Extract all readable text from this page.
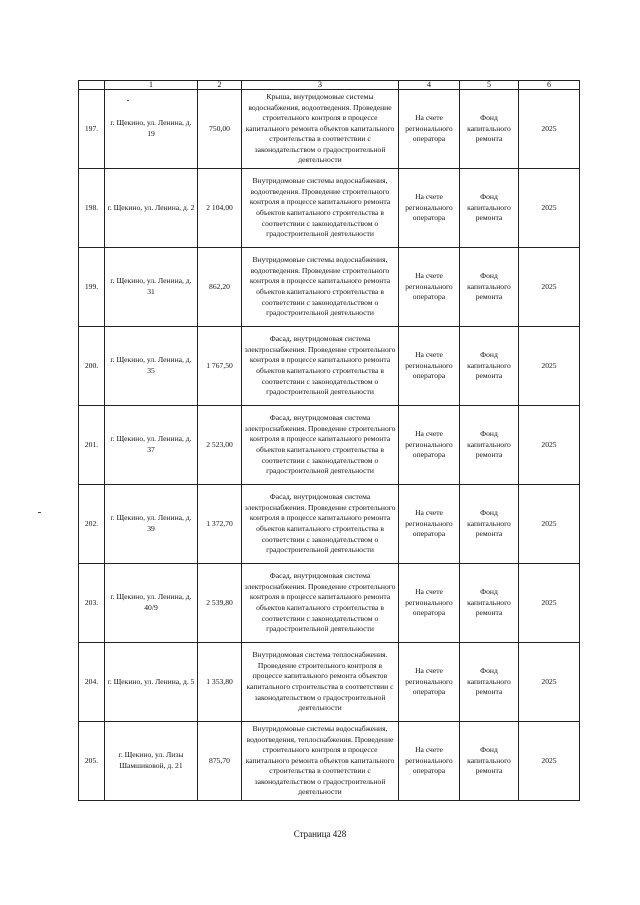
	1	2	3	4	5	6
197.	г. Щекино, ул. Ленина, д. 19	750,00	Крыша, внутридомовые системы водоснабжения, водоотведения. Проведение строительного контроля в процессе капитального ремонта объектов капитального строительства в соответствии с законодательством о градостроительной деятельности	На счете регионального оператора	Фонд капитального ремонта	2025
198.	г. Щекино, ул. Ленина, д. 2	2 104,00	Внутридомовые системы водоснабжения, водоотведения. Проведение строительного контроля в процессе капитального ремонта объектов капитального строительства в соответствии с законодательством о градостроительной деятельности	На счете регионального оператора	Фонд капитального ремонта	2025
199.	г. Щекино, ул. Ленина, д. 31	862,20	Внутридомовые системы водоснабжения, водоотведения. Проведение строительного контроля в процессе капитального ремонта объектов капитального строительства в соответствии с законодательством о градостроительной деятельности	На счете регионального оператора	Фонд капитального ремонта	2025
200.	г. Щекино, ул. Ленина, д. 35	1 767,50	Фасад, внутридомовая система электроснабжения. Проведение строительного контроля в процессе капитального ремонта объектов капитального строительства в соответствии с законодательством о градостроительной деятельности	На счете регионального оператора	Фонд капитального ремонта	2025
201.	г. Щекино, ул. Ленина, д. 37	2 523,00	Фасад, внутридомовая система электроснабжения. Проведение строительного контроля в процессе капитального ремонта объектов капитального строительства в соответствии с законодательством о градостроительной деятельности	На счете регионального оператора	Фонд капитального ремонта	2025
202.	г. Щекино, ул. Ленина, д. 39	1 372,70	Фасад, внутридомовая система электроснабжения. Проведение строительного контроля в процессе капитального ремонта объектов капитального строительства в соответствии с законодательством о градостроительной деятельности	На счете регионального оператора	Фонд капитального ремонта	2025
203.	г. Щекино, ул. Ленина, д. 40/9	2 539,80	Фасад, внутридомовая система электроснабжения. Проведение строительного контроля в процессе капитального ремонта объектов капитального строительства в соответствии с законодательством о градостроительной деятельности	На счете регионального оператора	Фонд капитального ремонта	2025
204.	г. Щекино, ул. Ленина, д. 5	1 353,80	Внутридомовая система теплоснабжения. Проведение строительного контроля в процессе капитального ремонта объектов капитального строительства в соответствии с законодательством о градостроительной деятельности	На счете регионального оператора	Фонд капитального ремонта	2025
205.	г. Щекино, ул. Лизы Шамшиковой, д. 21	875,70	Внутридомовые системы водоснабжения, водоотведения, теплоснабжения. Проведение строительного контроля в процессе капитального ремонта объектов капитального строительства в соответствии с законодательством о градостроительной деятельности	На счете регионального оператора	Фонд капитального ремонта	2025
Страница 428
